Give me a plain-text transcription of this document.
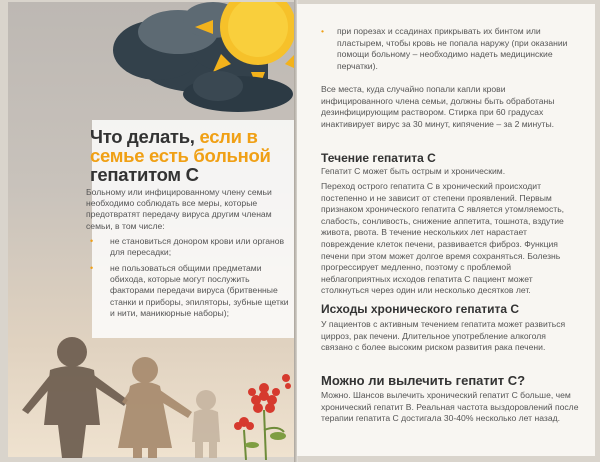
Что делать, если в
семье есть больной
гепатитом С
Больному или инфицированному члену семьи необходимо соблюдать все меры, которые предотвратят передачу вируса другим членам семьи, в том числе:
•	не становиться донором крови или органов для пересадки;
•	не пользоваться общими предметами обихода, которые могут послужить факторами передачи вируса (бритвенные станки и приборы, эпиляторы, зубные щетки и нити, маникюрные наборы);
•	при порезах и ссадинах прикрывать их бинтом или пластырем, чтобы кровь не попала наружу (при оказании помощи больному – необходимо надеть медицинские перчатки).
Все места, куда случайно попали капли крови инфицированного члена семьи, должны быть обработаны дезинфицирующим раствором. Стирка при 60 градусах инактивирует вирус за 30 минут, кипячение – за 2 минуты.
Течение гепатита С
Гепатит С может быть острым и хроническим.
Переход острого гепатита С в хронический происходит постепенно и не зависит от степени проявлений. Первым признаком хронического гепатита С является утомляемость, слабость, сонливость, снижение аппетита, тошнота, вздутие живота, рвота. В течение нескольких лет нарастает повреждение клеток печени, развивается фиброз. Функция печени при этом может долгое время сохраняться. Болезнь прогрессирует медленно, поэтому с проблемой неблагоприятных исходов гепатита С пациент может столкнуться через один или несколько десятков лет.
Исходы хронического гепатита С
У пациентов с активным течением гепатита может развиться цирроз, рак печени. Длительное употребление алкоголя связано с более высоким риском развития рака печени.
Можно ли вылечить гепатит С?
Можно. Шансов вылечить хронический гепатит С больше, чем хронический гепатит В. Реальная частота выздоровлений после терапии гепатита С достигала 30-40% несколько лет назад.
